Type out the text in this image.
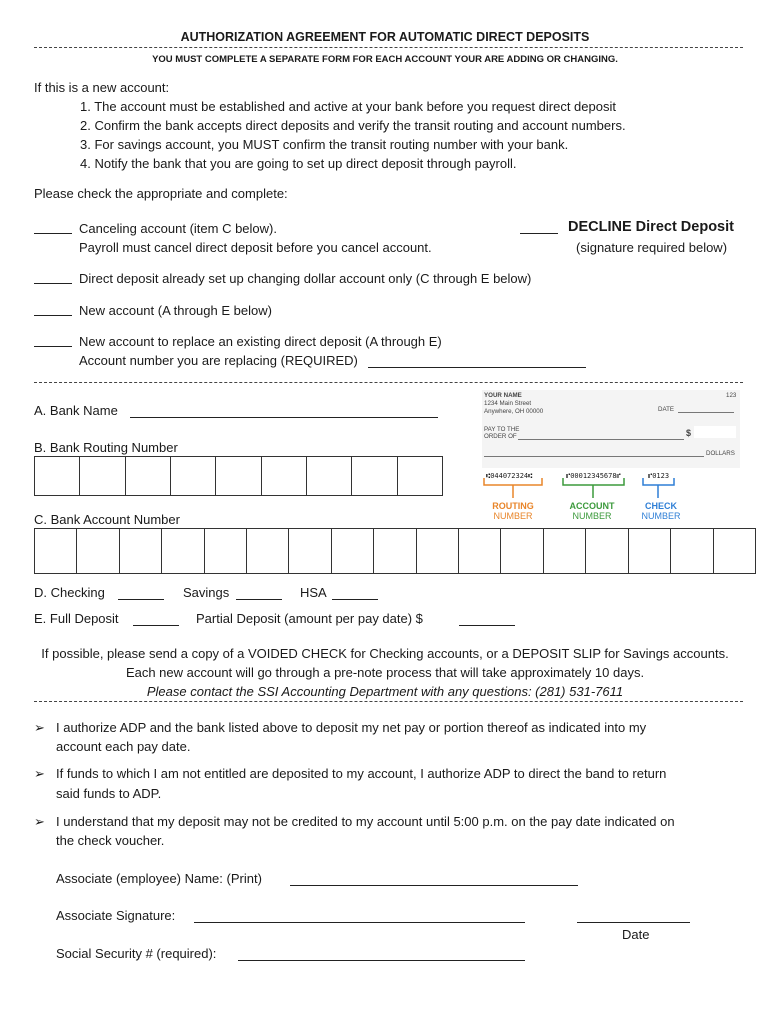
AUTHORIZATION AGREEMENT FOR AUTOMATIC DIRECT DEPOSITS
YOU MUST COMPLETE A SEPARATE FORM FOR EACH ACCOUNT YOUR ARE ADDING OR CHANGING.
If this is a new account:
1. The account must be established and active at your bank before you request direct deposit
2. Confirm the bank accepts direct deposits and verify the transit routing and account numbers.
3. For savings account, you MUST confirm the transit routing number with your bank.
4. Notify the bank that you are going to set up direct deposit through payroll.
Please check the appropriate and complete:
Canceling account (item C below).
Payroll must cancel direct deposit before you cancel account.
DECLINE Direct Deposit
(signature required below)
Direct deposit already set up changing dollar account only (C through E below)
New account (A through E below)
New account to replace an existing direct deposit (A through E)
Account number you are replacing (REQUIRED)
A. Bank Name
B. Bank Routing Number
C. Bank Account Number
YOUR NAME
1234 Main Street
Anywhere, OH 00000
123
DATE
PAY TO THE
ORDER OF	$
DOLLARS
⑆044072324⑆	⑈00012345678⑈	⑈0123
ROUTING
NUMBER
ACCOUNT
NUMBER
CHECK
NUMBER
D. Checking	Savings	HSA
E. Full Deposit	Partial Deposit (amount per pay date) $
If possible, please send a copy of a VOIDED CHECK for Checking accounts, or a DEPOSIT SLIP for Savings accounts.
Each new account will go through a pre-note process that will take approximately 10 days.
Please contact the SSI Accounting Department with any questions: (281) 531-7611
➢ I authorize ADP and the bank listed above to deposit my net pay or portion thereof as indicated into my
account each pay date.
➢ If funds to which I am not entitled are deposited to my account, I authorize ADP to direct the band to return
said funds to ADP.
➢ I understand that my deposit may not be credited to my account until 5:00 p.m. on the pay date indicated on
the check voucher.
Associate (employee) Name: (Print)
Associate Signature:
Date
Social Security # (required):
